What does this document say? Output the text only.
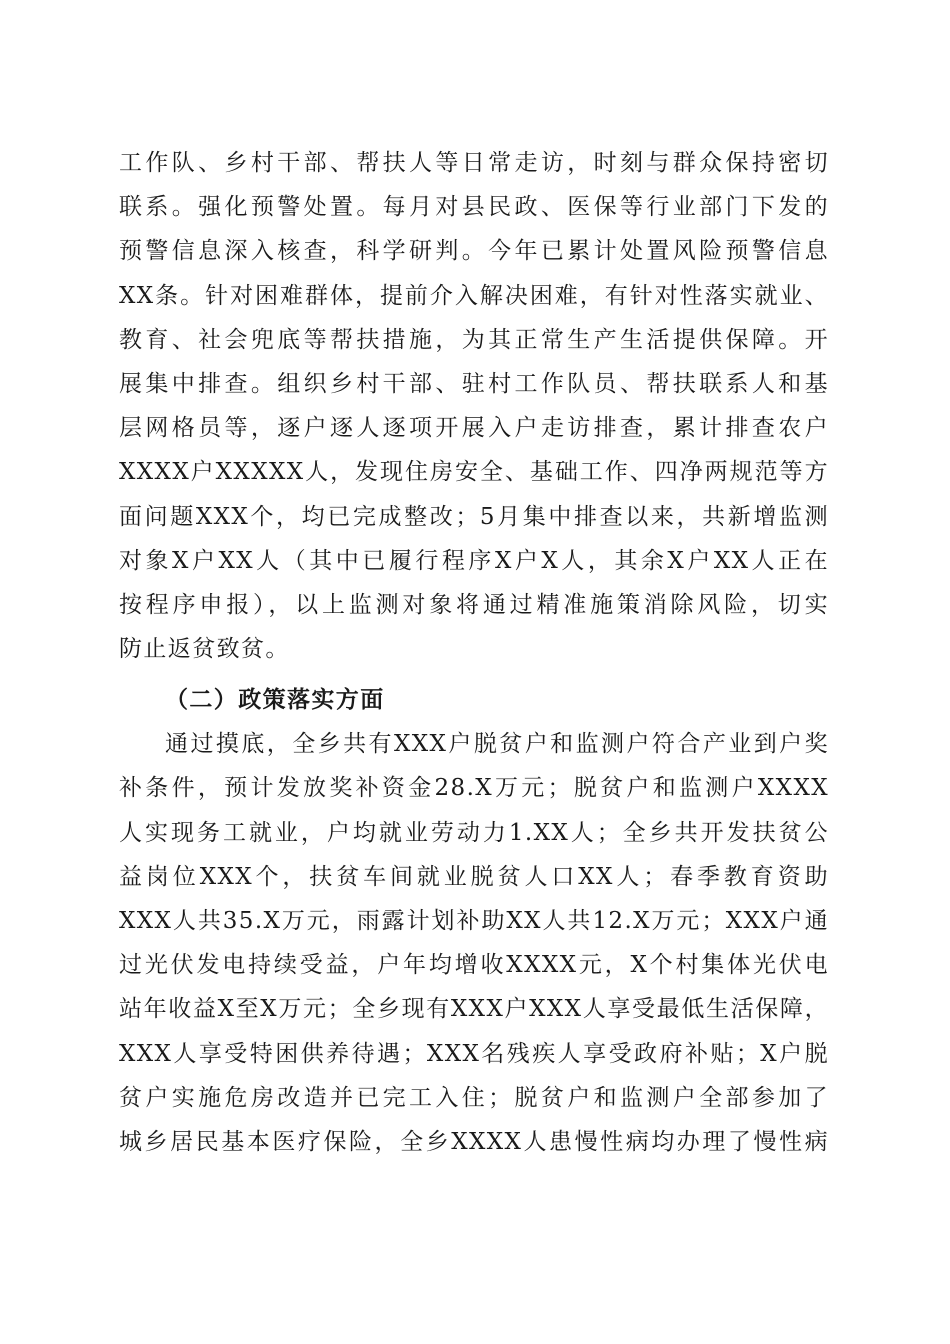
工作队、乡村干部、帮扶人等日常走访，时刻与群众保持密切
联系。强化预警处置。每月对县民政、医保等行业部门下发的
预警信息深入核查，科学研判。今年已累计处置风险预警信息
XX条。针对困难群体，提前介入解决困难，有针对性落实就业、
教育、社会兜底等帮扶措施，为其正常生产生活提供保障。开
展集中排查。组织乡村干部、驻村工作队员、帮扶联系人和基
层网格员等，逐户逐人逐项开展入户走访排查，累计排查农户
XXXX户XXXXX人，发现住房安全、基础工作、四净两规范等方
面问题XXX个，均已完成整改；5月集中排查以来，共新增监测
对象X户XX人（其中已履行程序X户X人，其余X户XX人正在
按程序申报），以上监测对象将通过精准施策消除风险，切实
防止返贫致贫。
（二）政策落实方面
通过摸底，全乡共有XXX户脱贫户和监测户符合产业到户奖
补条件，预计发放奖补资金28.X万元；脱贫户和监测户XXXX
人实现务工就业，户均就业劳动力1.XX人；全乡共开发扶贫公
益岗位XXX个，扶贫车间就业脱贫人口XX人；春季教育资助
XXX人共35.X万元，雨露计划补助XX人共12.X万元；XXX户通
过光伏发电持续受益，户年均增收XXXX元，X个村集体光伏电
站年收益X至X万元；全乡现有XXX户XXX人享受最低生活保障，
XXX人享受特困供养待遇；XXX名残疾人享受政府补贴；X户脱
贫户实施危房改造并已完工入住；脱贫户和监测户全部参加了
城乡居民基本医疗保险，全乡XXXX人患慢性病均办理了慢性病
